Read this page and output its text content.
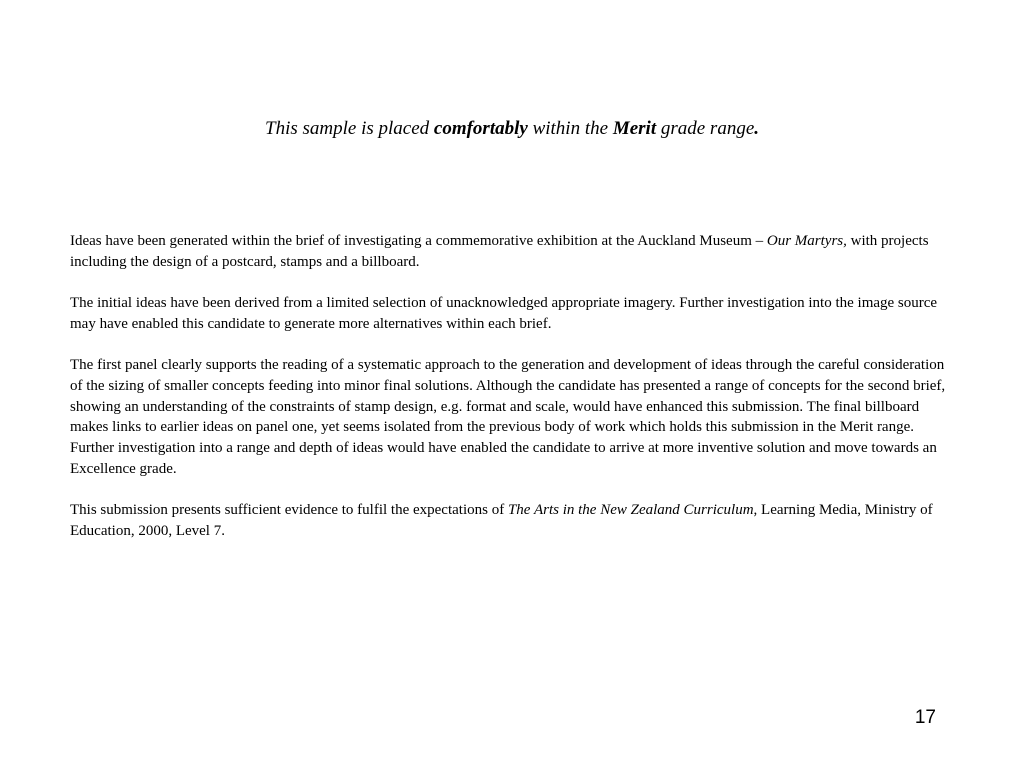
This sample is placed comfortably within the Merit grade range.

Ideas have been generated within the brief of investigating a commemorative exhibition at the Auckland Museum – Our Martyrs, with projects including the design of a postcard, stamps and a billboard.

The initial ideas have been derived from a limited selection of unacknowledged appropriate imagery. Further investigation into the image source may have enabled this candidate to generate more alternatives within each brief.

The first panel clearly supports the reading of a systematic approach to the generation and development of ideas through the careful consideration of the sizing of smaller concepts feeding into minor final solutions. Although the candidate has presented a range of concepts for the second brief, showing an understanding of the constraints of stamp design, e.g. format and scale, would have enhanced this submission. The final billboard makes links to earlier ideas on panel one, yet seems isolated from the previous body of work which holds this submission in the Merit range. Further investigation into a range and depth of ideas would have enabled the candidate to arrive at more inventive solution and move towards an Excellence grade.

This submission presents sufficient evidence to fulfil the expectations of The Arts in the New Zealand Curriculum, Learning Media, Ministry of Education, 2000, Level 7.

17
